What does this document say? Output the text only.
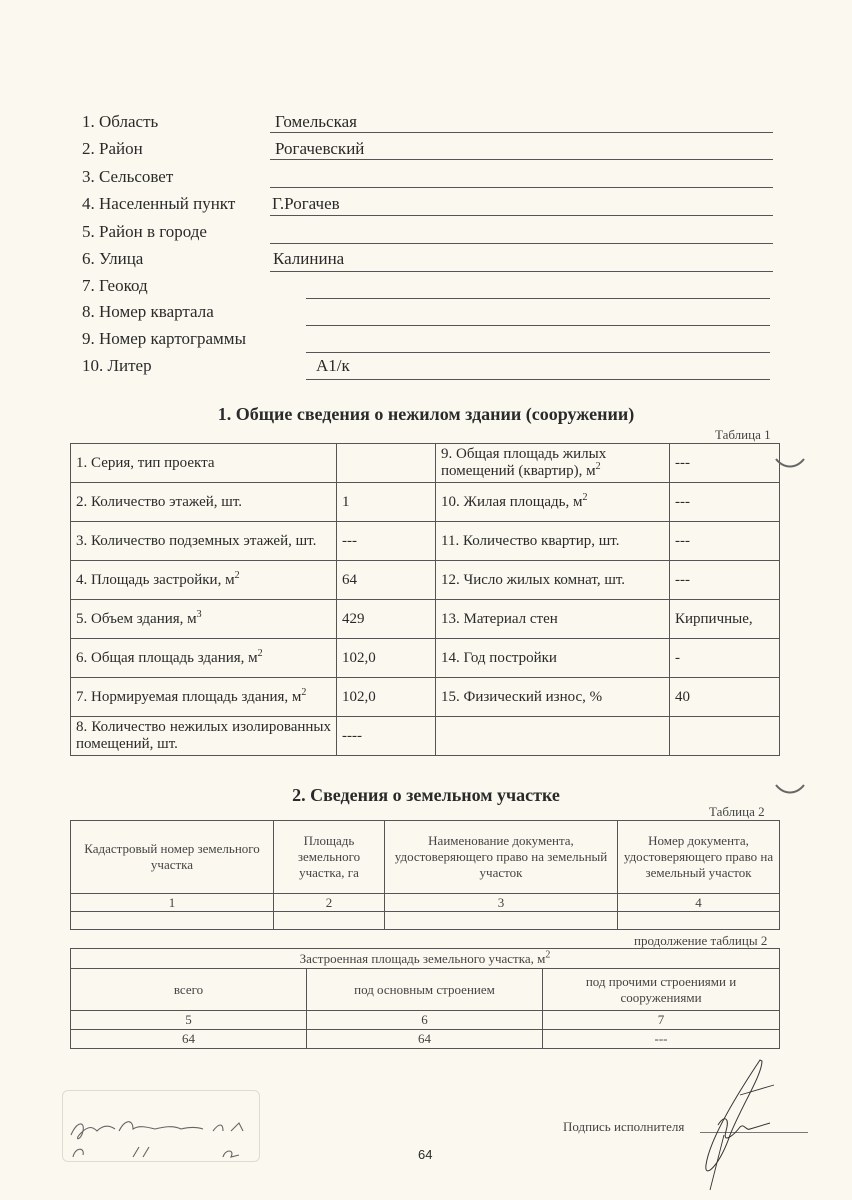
1. Область	Гомельская
2. Район	Рогачевский
3. Сельсовет
4. Населенный пункт Г.Рогачев
5. Район в городе
6. Улица	Калинина
7. Геокод
8. Номер квартала
9. Номер картограммы
10. Литер	А1/к
1. Общие сведения о нежилом здании (сооружении)
Таблица 1
1. Серия, тип проекта		9. Общая площадь жилых помещений (квартир), $м^2$	---
2. Количество этажей, шт.	1	10. Жилая площадь, $м^2$	---
3. Количество подземных этажей, шт.	---	11. Количество квартир, шт.	---
4. Площадь застройки, $м^2$	64	12. Число жилых комнат, шт.	---
5. Объем здания, $м^3$	429	13. Материал стен	Кирпичные,
6. Общая площадь здания, $м^2$	102,0	14. Год постройки	-
7. Нормируемая площадь здания, $м^2$	102,0	15. Физический износ, %	40
8. Количество нежилых изолированных помещений, шт.	----		
2. Сведения о земельном участке
Таблица 2
Кадастровый номер земельного участка	Площадь земельного участка, га	Наименование документа, удостоверяющего право на земельный участок	Номер документа, удостоверяющего право на земельный участок
1	2	3	4

продолжение таблицы 2
Застроенная площадь земельного участка, $м^2$
всего	под основным строением	под прочими строениями и сооружениями
5	6	7
64	64	---
Подпись исполнителя
64
